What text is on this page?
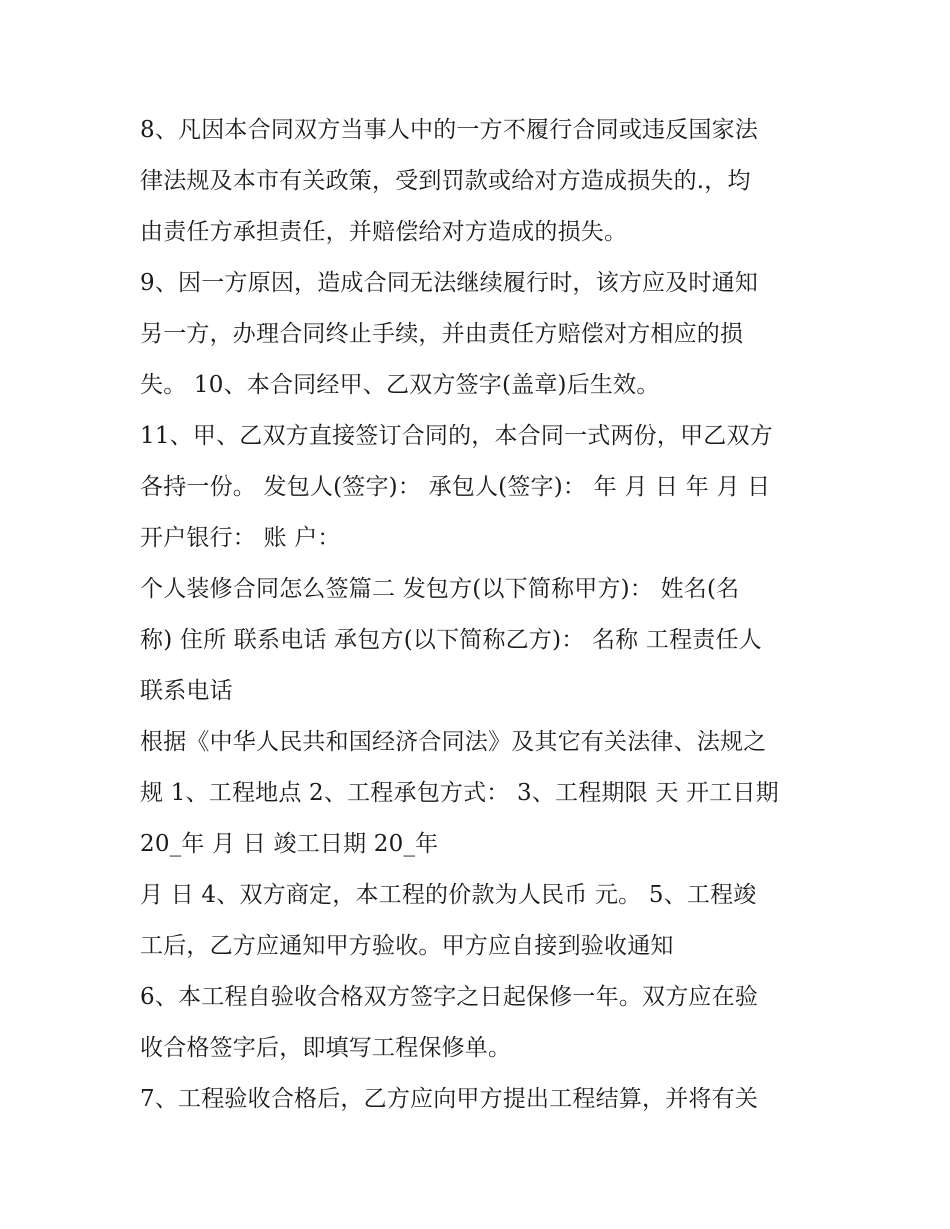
8、凡因本合同双方当事人中的一方不履行合同或违反国家法
律法规及本市有关政策，受到罚款或给对方造成损失的.，均
由责任方承担责任，并赔偿给对方造成的损失。
9、因一方原因，造成合同无法继续履行时，该方应及时通知
另一方，办理合同终止手续，并由责任方赔偿对方相应的损
失。 10、本合同经甲、乙双方签字(盖章)后生效。
11、甲、乙双方直接签订合同的，本合同一式两份，甲乙双方
各持一份。 发包人(签字)： 承包人(签字)： 年 月 日 年 月 日
开户银行： 账 户：
个人装修合同怎么签篇二 发包方(以下简称甲方)： 姓名(名
称) 住所 联系电话 承包方(以下简称乙方)： 名称 工程责任人
联系电话
根据《中华人民共和国经济合同法》及其它有关法律、法规之
规 1、工程地点 2、工程承包方式： 3、工程期限 天 开工日期
20_年 月 日 竣工日期 20_年
月 日 4、双方商定，本工程的价款为人民币 元。 5、工程竣
工后，乙方应通知甲方验收。甲方应自接到验收通知
6、本工程自验收合格双方签字之日起保修一年。双方应在验
收合格签字后，即填写工程保修单。
7、工程验收合格后，乙方应向甲方提出工程结算，并将有关
